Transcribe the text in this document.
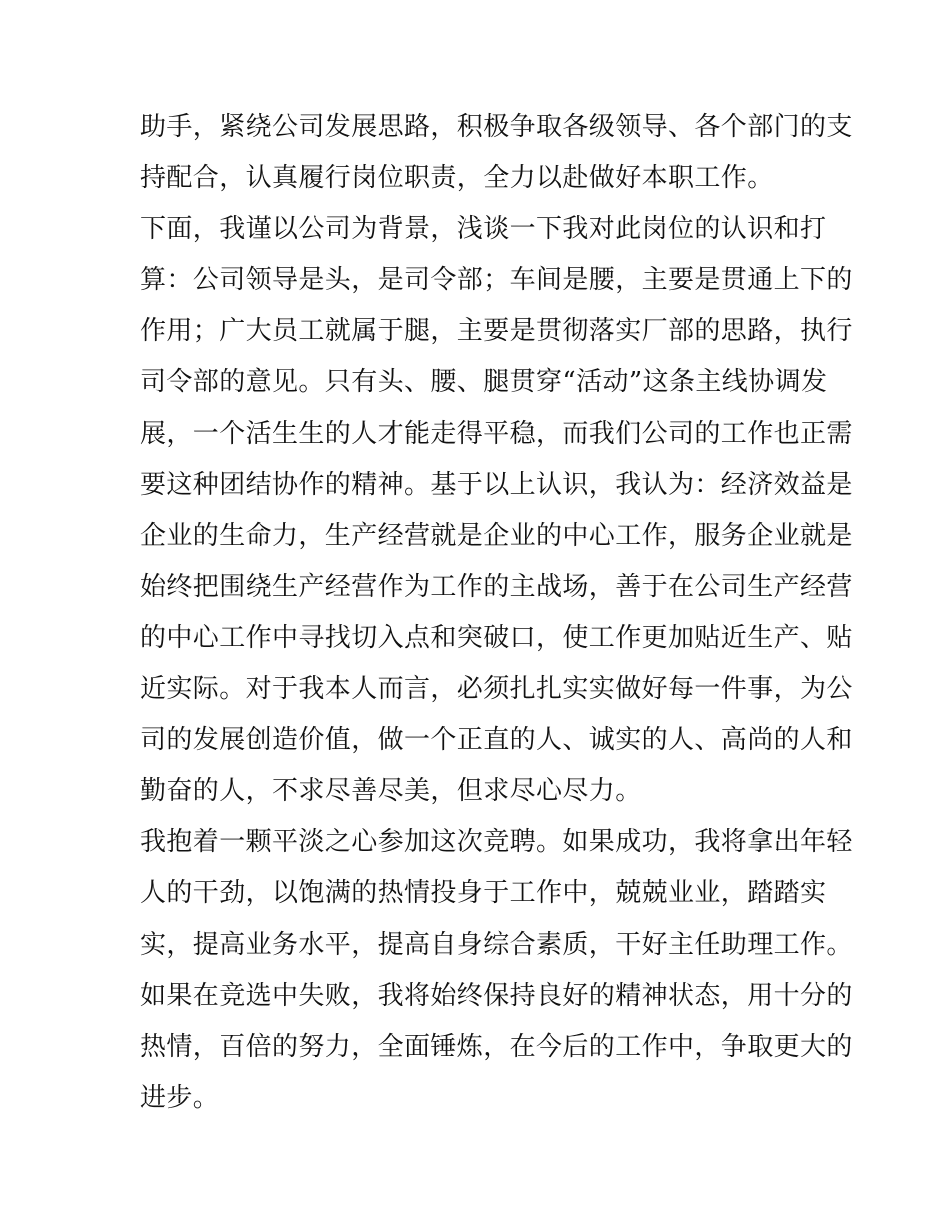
助手，紧绕公司发展思路，积极争取各级领导、各个部门的支
持配合，认真履行岗位职责，全力以赴做好本职工作。
下面，我谨以公司为背景，浅谈一下我对此岗位的认识和打
算：公司领导是头，是司令部；车间是腰，主要是贯通上下的
作用；广大员工就属于腿，主要是贯彻落实厂部的思路，执行
司令部的意见。只有头、腰、腿贯穿“活动”这条主线协调发
展，一个活生生的人才能走得平稳，而我们公司的工作也正需
要这种团结协作的精神。基于以上认识，我认为：经济效益是
企业的生命力，生产经营就是企业的中心工作，服务企业就是
始终把围绕生产经营作为工作的主战场，善于在公司生产经营
的中心工作中寻找切入点和突破口，使工作更加贴近生产、贴
近实际。对于我本人而言，必须扎扎实实做好每一件事，为公
司的发展创造价值，做一个正直的人、诚实的人、高尚的人和
勤奋的人，不求尽善尽美，但求尽心尽力。
我抱着一颗平淡之心参加这次竞聘。如果成功，我将拿出年轻
人的干劲，以饱满的热情投身于工作中，兢兢业业，踏踏实
实，提高业务水平，提高自身综合素质，干好主任助理工作。
如果在竞选中失败，我将始终保持良好的精神状态，用十分的
热情，百倍的努力，全面锤炼，在今后的工作中，争取更大的
进步。
